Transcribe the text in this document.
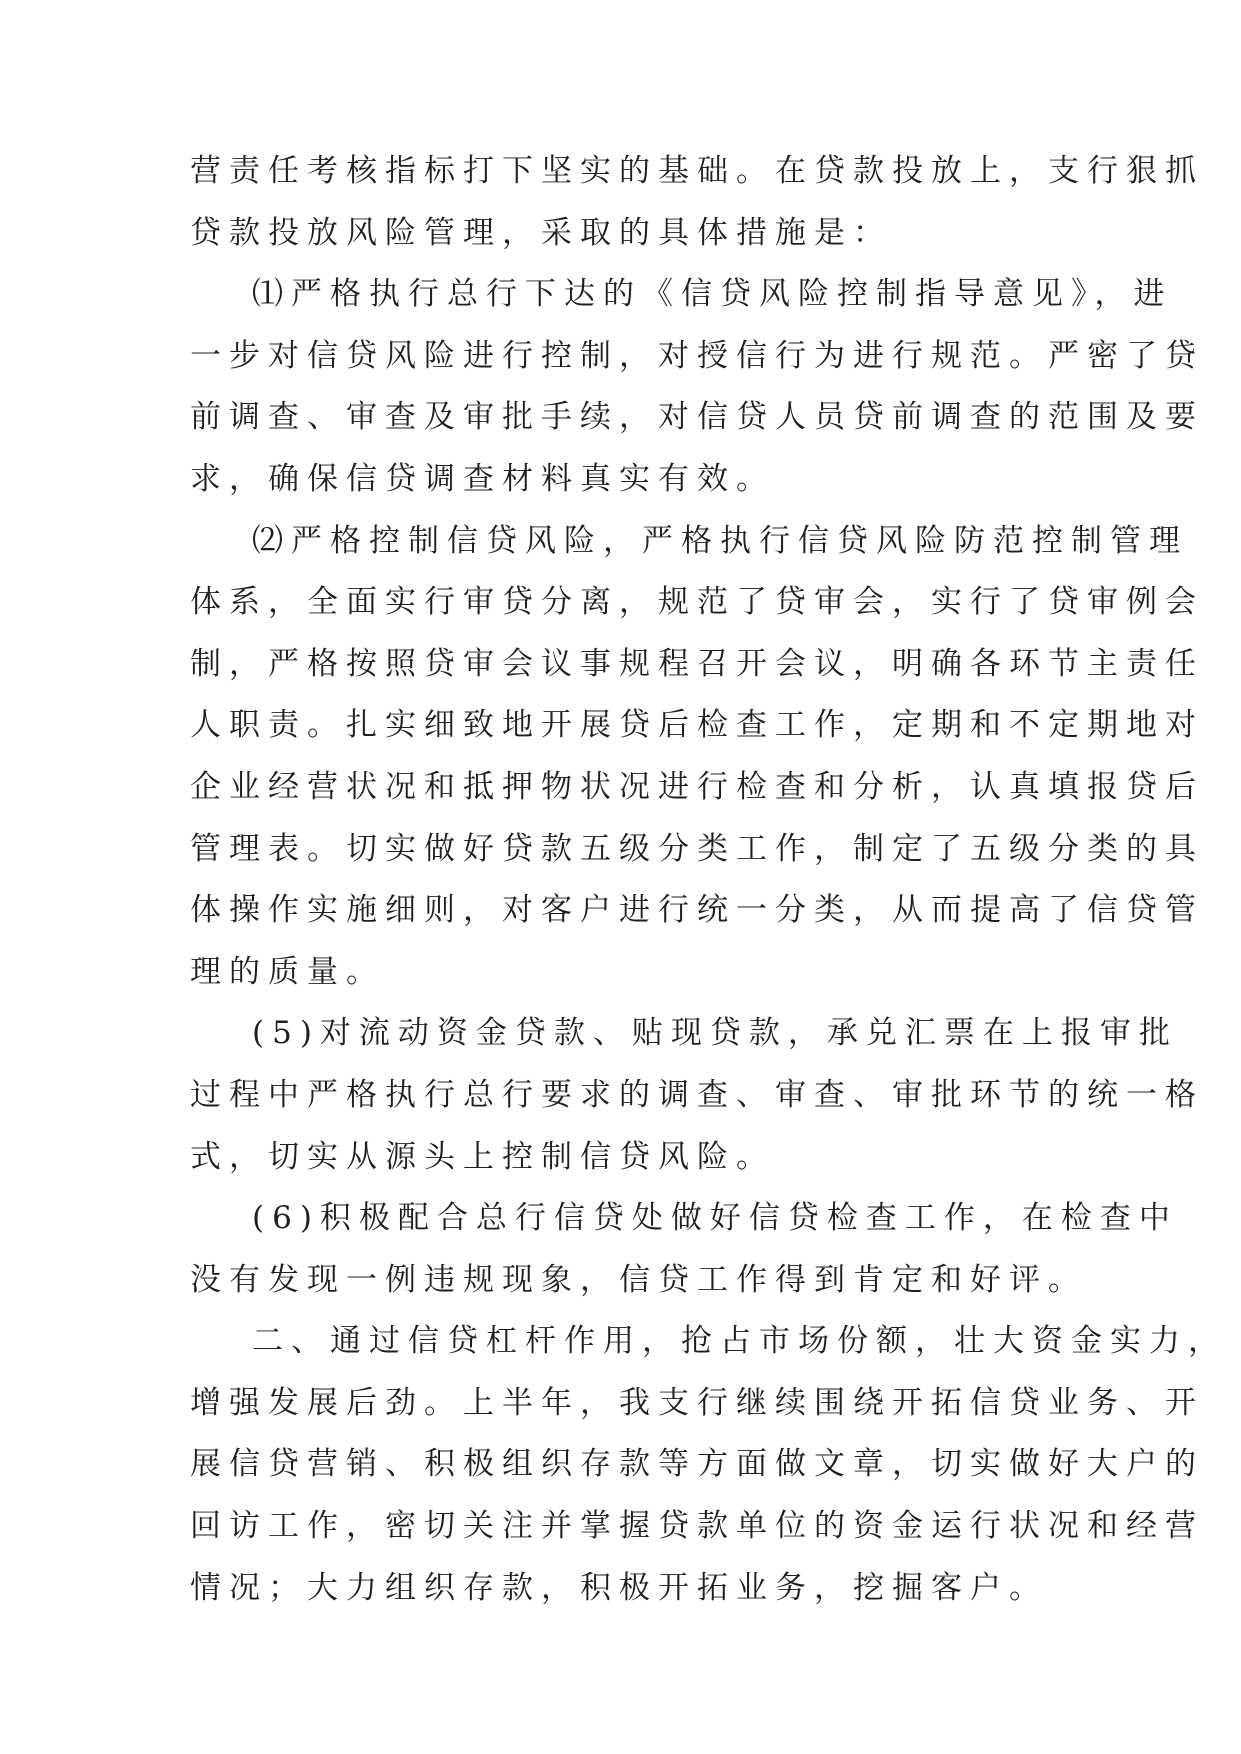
营责任考核指标打下坚实的基础。在贷款投放上，支行狠抓
贷款投放风险管理，采取的具体措施是：

⑴严格执行总行下达的《信贷风险控制指导意见》，进
一步对信贷风险进行控制，对授信行为进行规范。严密了贷
前调查、审查及审批手续，对信贷人员贷前调查的范围及要
求，确保信贷调查材料真实有效。

⑵严格控制信贷风险，严格执行信贷风险防范控制管理
体系，全面实行审贷分离，规范了贷审会，实行了贷审例会
制，严格按照贷审会议事规程召开会议，明确各环节主责任
人职责。扎实细致地开展贷后检查工作，定期和不定期地对
企业经营状况和抵押物状况进行检查和分析，认真填报贷后
管理表。切实做好贷款五级分类工作，制定了五级分类的具
体操作实施细则，对客户进行统一分类，从而提高了信贷管
理的质量。

(5)对流动资金贷款、贴现贷款，承兑汇票在上报审批
过程中严格执行总行要求的调查、审查、审批环节的统一格
式，切实从源头上控制信贷风险。

(6)积极配合总行信贷处做好信贷检查工作，在检查中
没有发现一例违规现象，信贷工作得到肯定和好评。

二、通过信贷杠杆作用，抢占市场份额，壮大资金实力，
增强发展后劲。上半年，我支行继续围绕开拓信贷业务、开
展信贷营销、积极组织存款等方面做文章，切实做好大户的
回访工作，密切关注并掌握贷款单位的资金运行状况和经营
情况；大力组织存款，积极开拓业务，挖掘客户。
